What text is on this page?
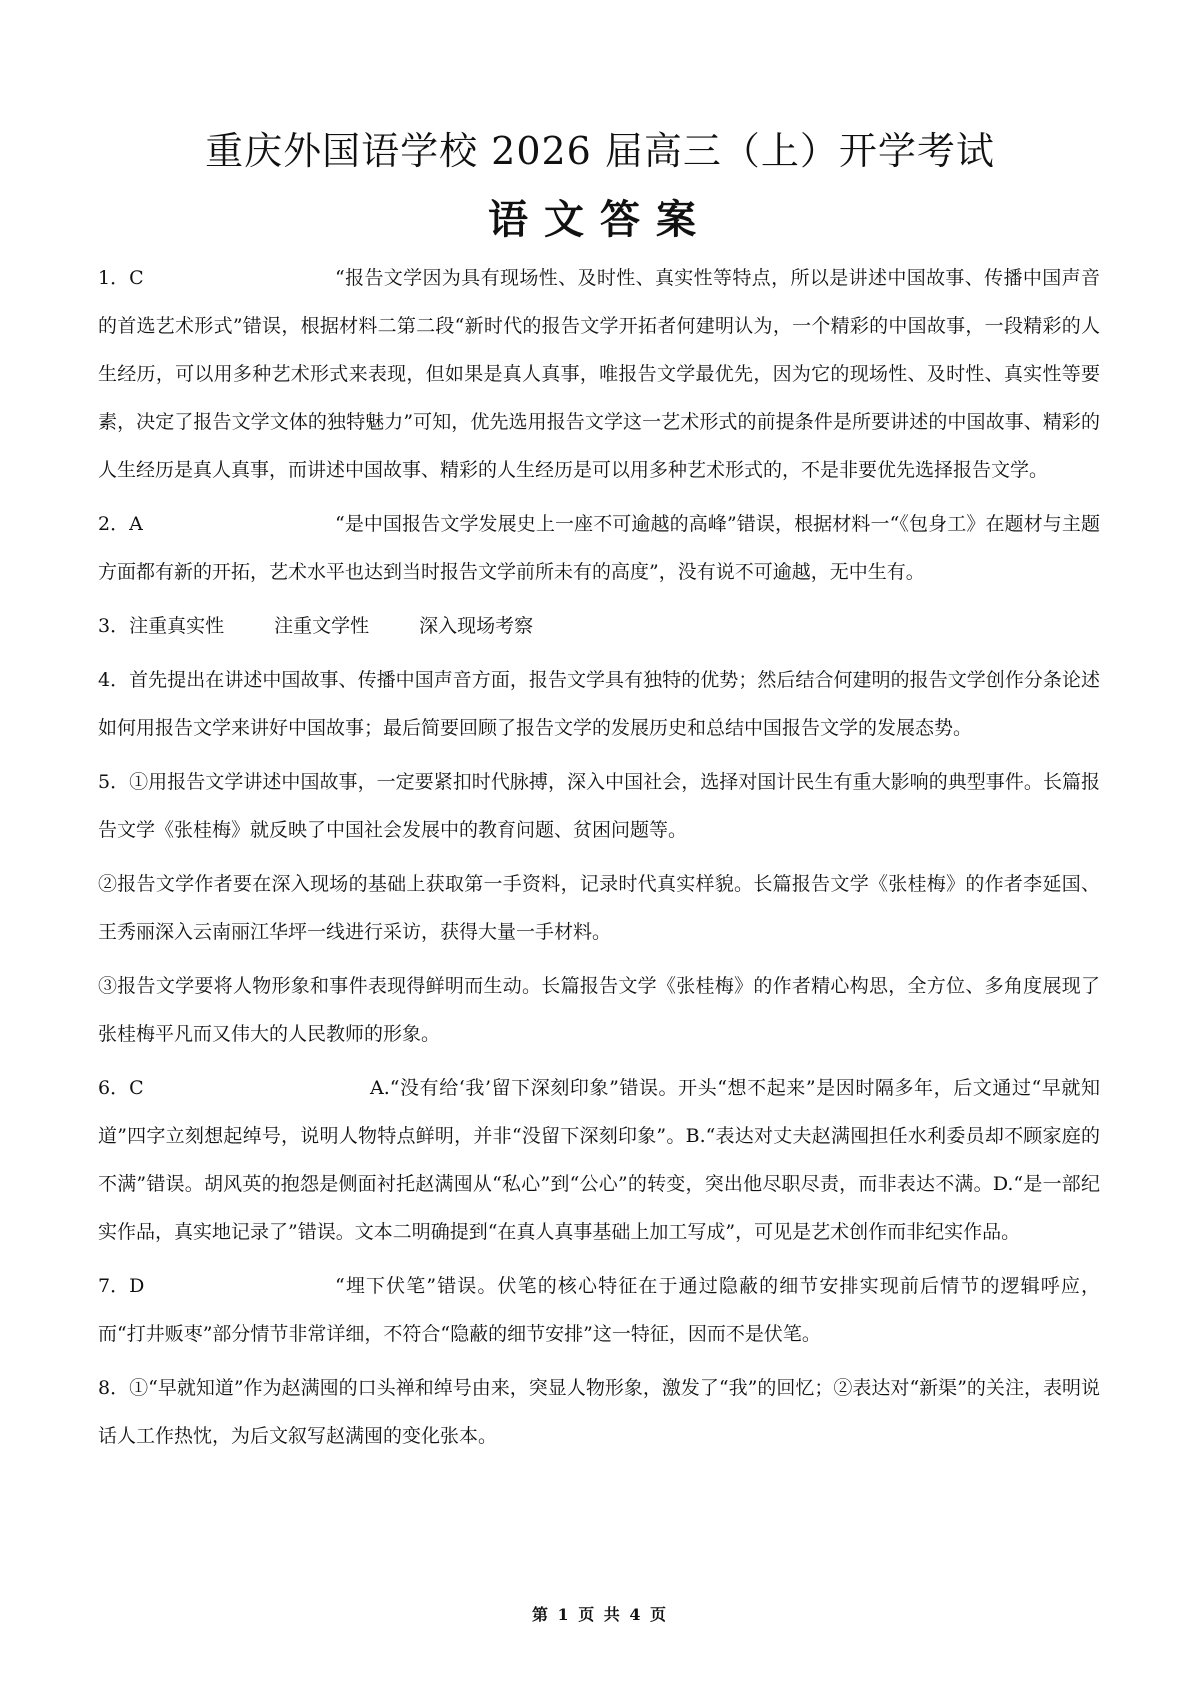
重庆外国语学校 2026 届高三（上）开学考试
语文答案

1．C	“报告文学因为具有现场性、及时性、真实性等特点，所以是讲述中国故事、传播中国声音的首选艺术形式”错误，根据材料二第二段“新时代的报告文学开拓者何建明认为，一个精彩的中国故事，一段精彩的人生经历，可以用多种艺术形式来表现，但如果是真人真事，唯报告文学最优先，因为它的现场性、及时性、真实性等要素，决定了报告文学文体的独特魅力”可知，优先选用报告文学这一艺术形式的前提条件是所要讲述的中国故事、精彩的人生经历是真人真事，而讲述中国故事、精彩的人生经历是可以用多种艺术形式的，不是非要优先选择报告文学。

2．A	“是中国报告文学发展史上一座不可逾越的高峰”错误，根据材料一“《包身工》在题材与主题方面都有新的开拓，艺术水平也达到当时报告文学前所未有的高度”，没有说不可逾越，无中生有。

3．注重真实性	注重文学性	深入现场考察

4．首先提出在讲述中国故事、传播中国声音方面，报告文学具有独特的优势；然后结合何建明的报告文学创作分条论述如何用报告文学来讲好中国故事；最后简要回顾了报告文学的发展历史和总结中国报告文学的发展态势。

5．①用报告文学讲述中国故事，一定要紧扣时代脉搏，深入中国社会，选择对国计民生有重大影响的典型事件。长篇报告文学《张桂梅》就反映了中国社会发展中的教育问题、贫困问题等。

②报告文学作者要在深入现场的基础上获取第一手资料，记录时代真实样貌。长篇报告文学《张桂梅》的作者李延国、王秀丽深入云南丽江华坪一线进行采访，获得大量一手材料。

③报告文学要将人物形象和事件表现得鲜明而生动。长篇报告文学《张桂梅》的作者精心构思，全方位、多角度展现了张桂梅平凡而又伟大的人民教师的形象。

6．C	A.“没有给‘我’留下深刻印象”错误。开头“想不起来”是因时隔多年，后文通过“早就知道”四字立刻想起绰号，说明人物特点鲜明，并非“没留下深刻印象”。B.“表达对丈夫赵满囤担任水利委员却不顾家庭的不满”错误。胡风英的抱怨是侧面衬托赵满囤从“私心”到“公心”的转变，突出他尽职尽责，而非表达不满。D.“是一部纪实作品，真实地记录了”错误。文本二明确提到“在真人真事基础上加工写成”，可见是艺术创作而非纪实作品。

7．D	“埋下伏笔”错误。伏笔的核心特征在于通过隐蔽的细节安排实现前后情节的逻辑呼应，而“打井贩枣”部分情节非常详细，不符合“隐蔽的细节安排”这一特征，因而不是伏笔。

8．①“早就知道”作为赵满囤的口头禅和绰号由来，突显人物形象，激发了“我”的回忆；②表达对“新渠”的关注，表明说话人工作热忱，为后文叙写赵满囤的变化张本。

第 1 页 共 4 页
